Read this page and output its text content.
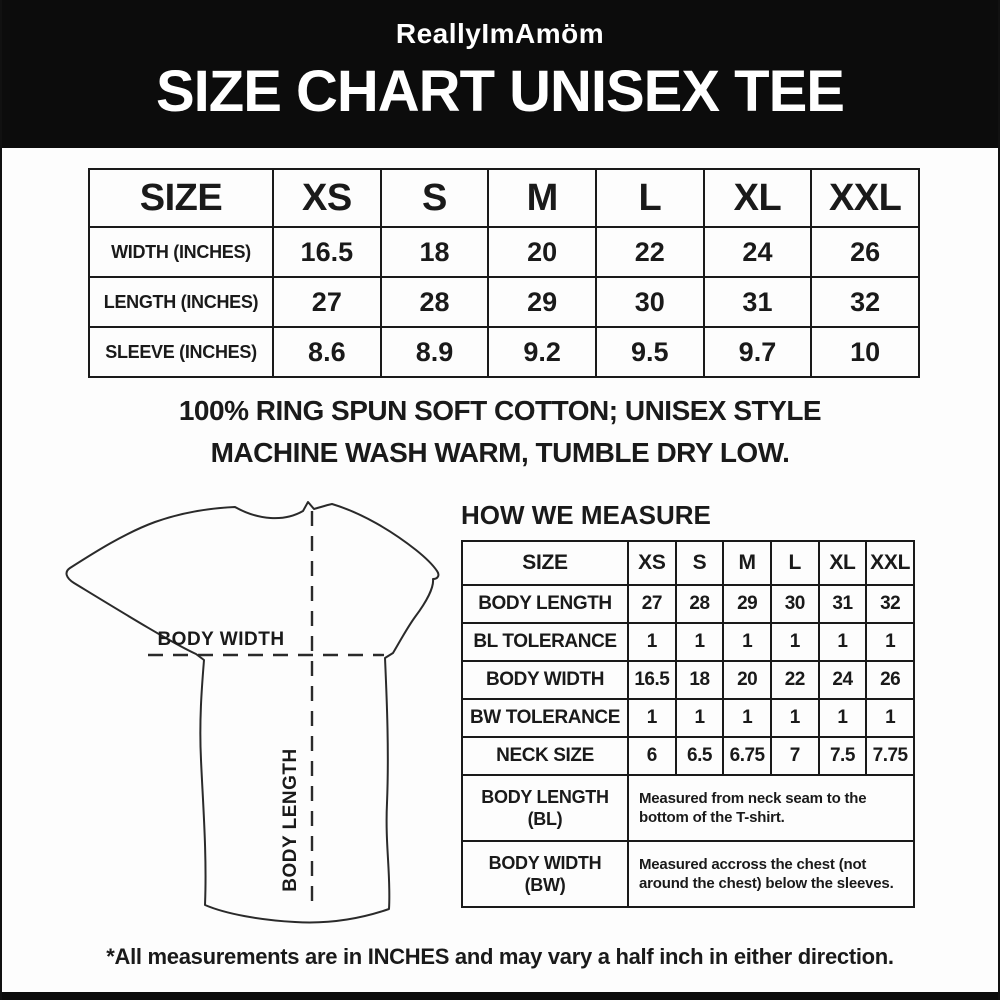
ReallyImAmöm
SIZE CHART UNISEX TEE
SIZE	XS	S	M	L	XL	XXL
WIDTH (INCHES)	16.5	18	20	22	24	26
LENGTH (INCHES)	27	28	29	30	31	32
SLEEVE (INCHES)	8.6	8.9	9.2	9.5	9.7	10
100% RING SPUN SOFT COTTON; UNISEX STYLE
MACHINE WASH WARM, TUMBLE DRY LOW.
BODY WIDTH
BODY LENGTH
HOW WE MEASURE
SIZE	XS	S	M	L	XL	XXL
BODY LENGTH	27	28	29	30	31	32
BL TOLERANCE	1	1	1	1	1	1
BODY WIDTH	16.5	18	20	22	24	26
BW TOLERANCE	1	1	1	1	1	1
NECK SIZE	6	6.5	6.75	7	7.5	7.75

BODY LENGTH
(BL)	Measured from neck seam to the bottom of the T-shirt.					

BODY WIDTH
(BW)	Measured accross the chest (not around the chest) below the sleeves.					
*All measurements are in INCHES and may vary a half inch in either direction.
